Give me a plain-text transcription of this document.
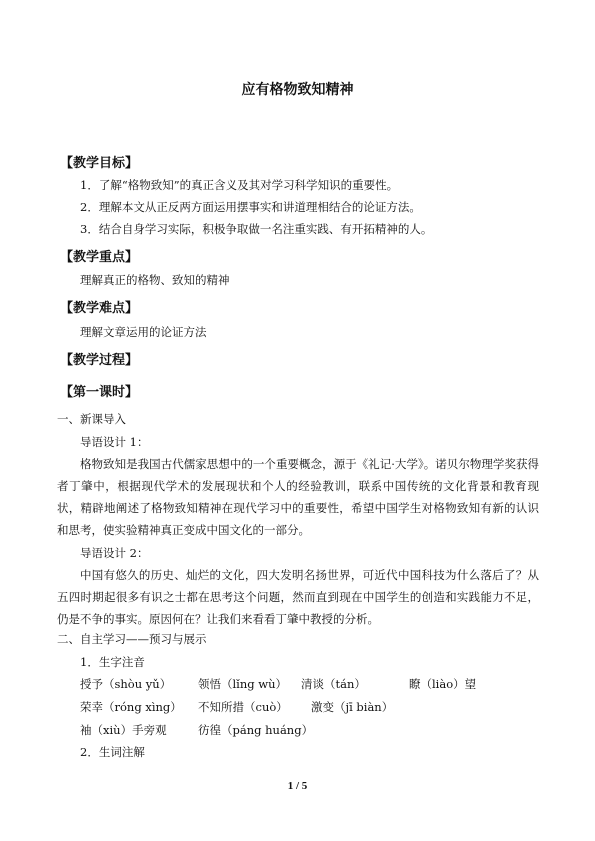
应有格物致知精神
【教学目标】
1．了解“格物致知”的真正含义及其对学习科学知识的重要性。
2．理解本文从正反两方面运用摆事实和讲道理相结合的论证方法。
3．结合自身学习实际，积极争取做一名注重实践、有开拓精神的人。
【教学重点】
理解真正的格物、致知的精神
【教学难点】
理解文章运用的论证方法
【教学过程】
【第一课时】
一、新课导入
导语设计 1：
格物致知是我国古代儒家思想中的一个重要概念，源于《礼记·大学》。诺贝尔物理学奖获得者丁肇中，根据现代学术的发展现状和个人的经验教训，联系中国传统的文化背景和教育现状，精辟地阐述了格物致知精神在现代学习中的重要性，希望中国学生对格物致知有新的认识和思考，使实验精神真正变成中国文化的一部分。
导语设计 2：
中国有悠久的历史、灿烂的文化，四大发明名扬世界，可近代中国科技为什么落后了？从五四时期起很多有识之士都在思考这个问题，然而直到现在中国学生的创造和实践能力不足，仍是不争的事实。原因何在？让我们来看看丁肇中教授的分析。
二、自主学习——预习与展示
1．生字注音
授予（shòu yǔ） 领悟（lǐng wù） 清谈（tán）	瞭（liào）望
荣幸（róng xìng） 不知所措（cuò） 激变（jī biàn）
袖（xiù）手旁观	彷徨（páng huáng）
2．生词注解
1 / 5
